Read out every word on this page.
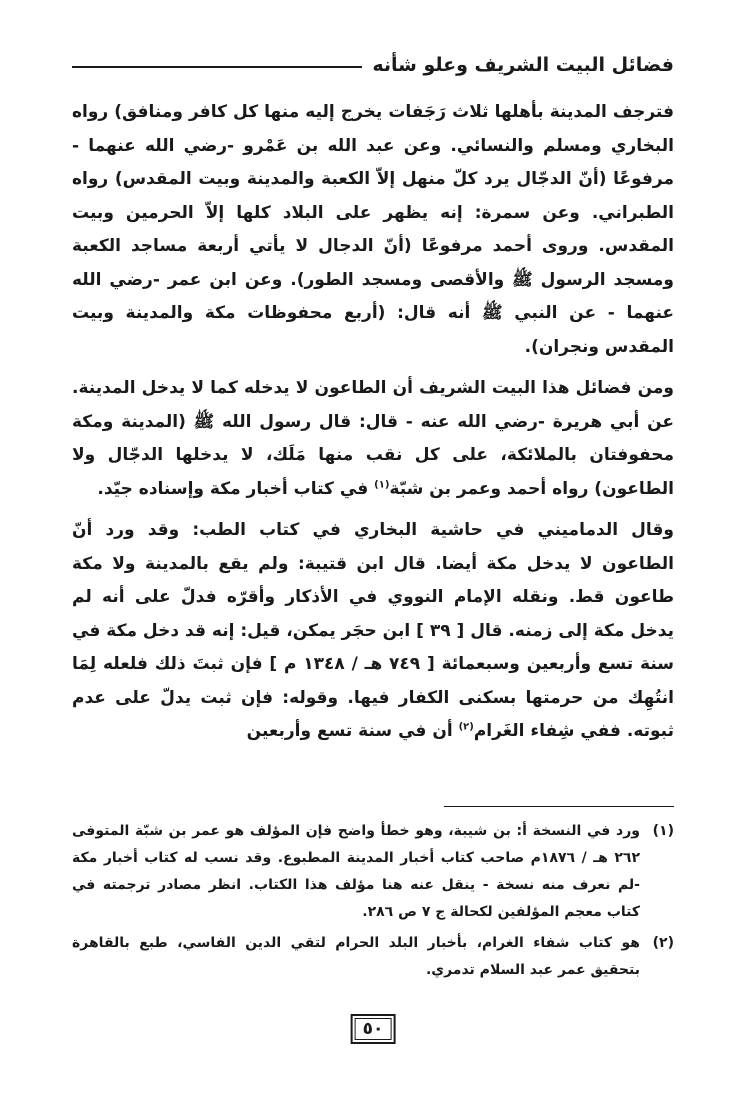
فضائل البيت الشريف وعلو شأنه

فترجف المدينة بأهلها ثلاث رَجَفات يخرج إليه منها كل كافر ومنافق) رواه البخاري ومسلم والنسائي. وعن عبد الله بن عَمْرو -رضي الله عنهما - مرفوعًا (أنّ الدجّال يرد كلّ منهل إلاّ الكعبة والمدينة وبيت المقدس) رواه الطبراني. وعن سمرة: إنه يظهر على البلاد كلها إلاّ الحرمين وبيت المقدس. وروى أحمد مرفوعًا (أنّ الدجال لا يأتي أربعة مساجد الكعبة ومسجد الرسول ﷺ والأقصى ومسجد الطور). وعن ابن عمر -رضي الله عنهما - عن النبي ﷺ أنه قال: (أربع محفوظات مكة والمدينة وبيت المقدس ونجران).

ومن فضائل هذا البيت الشريف أن الطاعون لا يدخله كما لا يدخل المدينة. عن أبي هريرة -رضي الله عنه - قال: قال رسول الله ﷺ (المدينة ومكة محفوفتان بالملائكة، على كل نقب منها مَلَك، لا يدخلها الدجّال ولا الطاعون) رواه أحمد وعمر بن شبّة$^{(١)}$ في كتاب أخبار مكة وإسناده جيّد.

وقال الدماميني في حاشية البخاري في كتاب الطب: وقد ورد أنّ الطاعون لا يدخل مكة أيضا. قال ابن قتيبة: ولم يقع بالمدينة ولا مكة طاعون قط. ونقله الإمام النووي في الأذكار وأقرّه فدلّ على أنه لم يدخل مكة إلى زمنه. قال [ ٣٩ ] ابن حجَر يمكن، قيل: إنه قد دخل مكة في سنة تسع وأربعين وسبعمائة [ ٧٤٩ هـ / ١٣٤٨ م ] فإن ثبتَ ذلك فلعله لِمَا انتُهِك من حرمتها بسكنى الكفار فيها. وقوله: فإن ثبت يدلّ على عدم ثبوته. ففي شِفاء الغَرام$^{(٢)}$ أن في سنة تسع وأربعين

(١)
ورد في النسخة أ: بن شيبة، وهو خطأ واضح فإن المؤلف هو عمر بن شبّة المتوفى ٢٦٢ هـ / ١٨٧٦م صاحب كتاب أخبار المدينة المطبوع. وقد نسب له كتاب أخبار مكة -لم نعرف منه نسخة - ينقل عنه هنا مؤلف هذا الكتاب. انظر مصادر ترجمته في كتاب معجم المؤلفين لكحالة ج ٧ ص ٢٨٦.
(٢)
هو كتاب شفاء الغرام، بأخبار البلد الحرام لتقي الدين الفاسي، طبع بالقاهرة بتحقيق عمر عبد السلام تدمري.
٥٠
